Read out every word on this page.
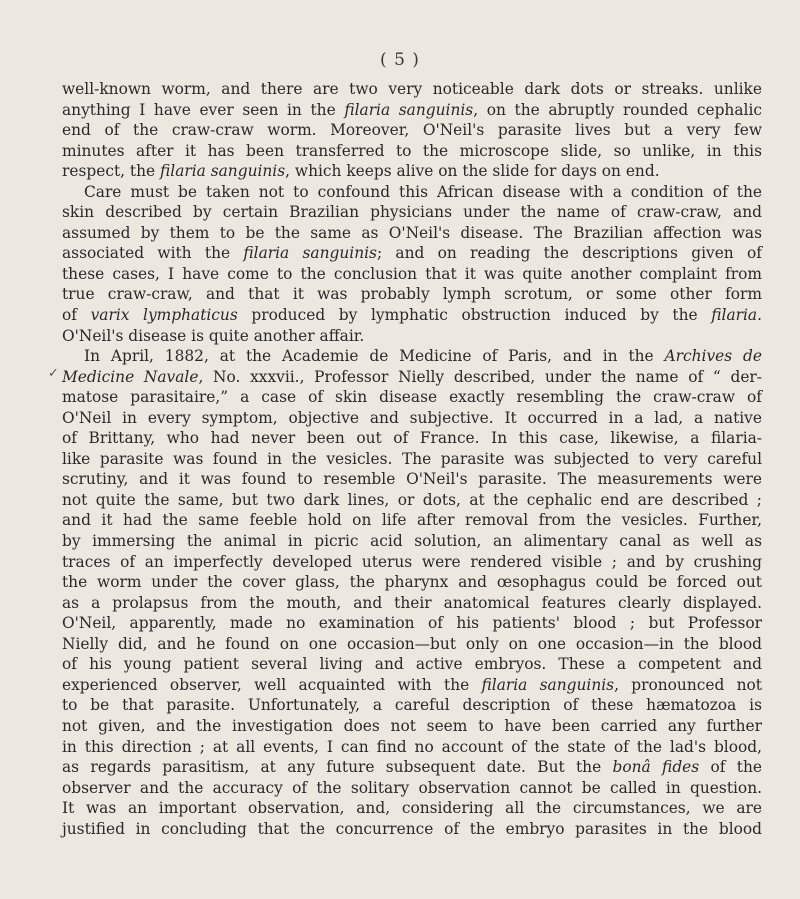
( 5 )
✓
well-known worm, and there are two very noticeable dark dots or streaks. unlike
anything I have ever seen in the filaria sanguinis, on the abruptly rounded cephalic
end of the craw-craw worm. Moreover, O'Neil's parasite lives but a very few
minutes after it has been transferred to the microscope slide, so unlike, in this
respect, the filaria sanguinis, which keeps alive on the slide for days on end.
Care must be taken not to confound this African disease with a condition of the
skin described by certain Brazilian physicians under the name of craw-craw, and
assumed by them to be the same as O'Neil's disease. The Brazilian affection was
associated with the filaria sanguinis; and on reading the descriptions given of
these cases, I have come to the conclusion that it was quite another complaint from
true craw-craw, and that it was probably lymph scrotum, or some other form
of varix lymphaticus produced by lymphatic obstruction induced by the filaria.
O'Neil's disease is quite another affair.
In April, 1882, at the Academie de Medicine of Paris, and in the Archives de
Medicine Navale, No. xxxvii., Professor Nielly described, under the name of “ der-
matose parasitaire,” a case of skin disease exactly resembling the craw-craw of
O'Neil in every symptom, objective and subjective. It occurred in a lad, a native
of Brittany, who had never been out of France. In this case, likewise, a filaria-
like parasite was found in the vesicles. The parasite was subjected to very careful
scrutiny, and it was found to resemble O'Neil's parasite. The measurements were
not quite the same, but two dark lines, or dots, at the cephalic end are described ;
and it had the same feeble hold on life after removal from the vesicles. Further,
by immersing the animal in picric acid solution, an alimentary canal as well as
traces of an imperfectly developed uterus were rendered visible ; and by crushing
the worm under the cover glass, the pharynx and œsophagus could be forced out
as a prolapsus from the mouth, and their anatomical features clearly displayed.
O'Neil, apparently, made no examination of his patients' blood ; but Professor
Nielly did, and he found on one occasion—but only on one occasion—in the blood
of his young patient several living and active embryos. These a competent and
experienced observer, well acquainted with the filaria sanguinis, pronounced not
to be that parasite. Unfortunately, a careful description of these hæmatozoa is
not given, and the investigation does not seem to have been carried any further
in this direction ; at all events, I can find no account of the state of the lad's blood,
as regards parasitism, at any future subsequent date. But the bonâ fides of the
observer and the accuracy of the solitary observation cannot be called in question.
It was an important observation, and, considering all the circumstances, we are
justified in concluding that the concurrence of the embryo parasites in the blood
